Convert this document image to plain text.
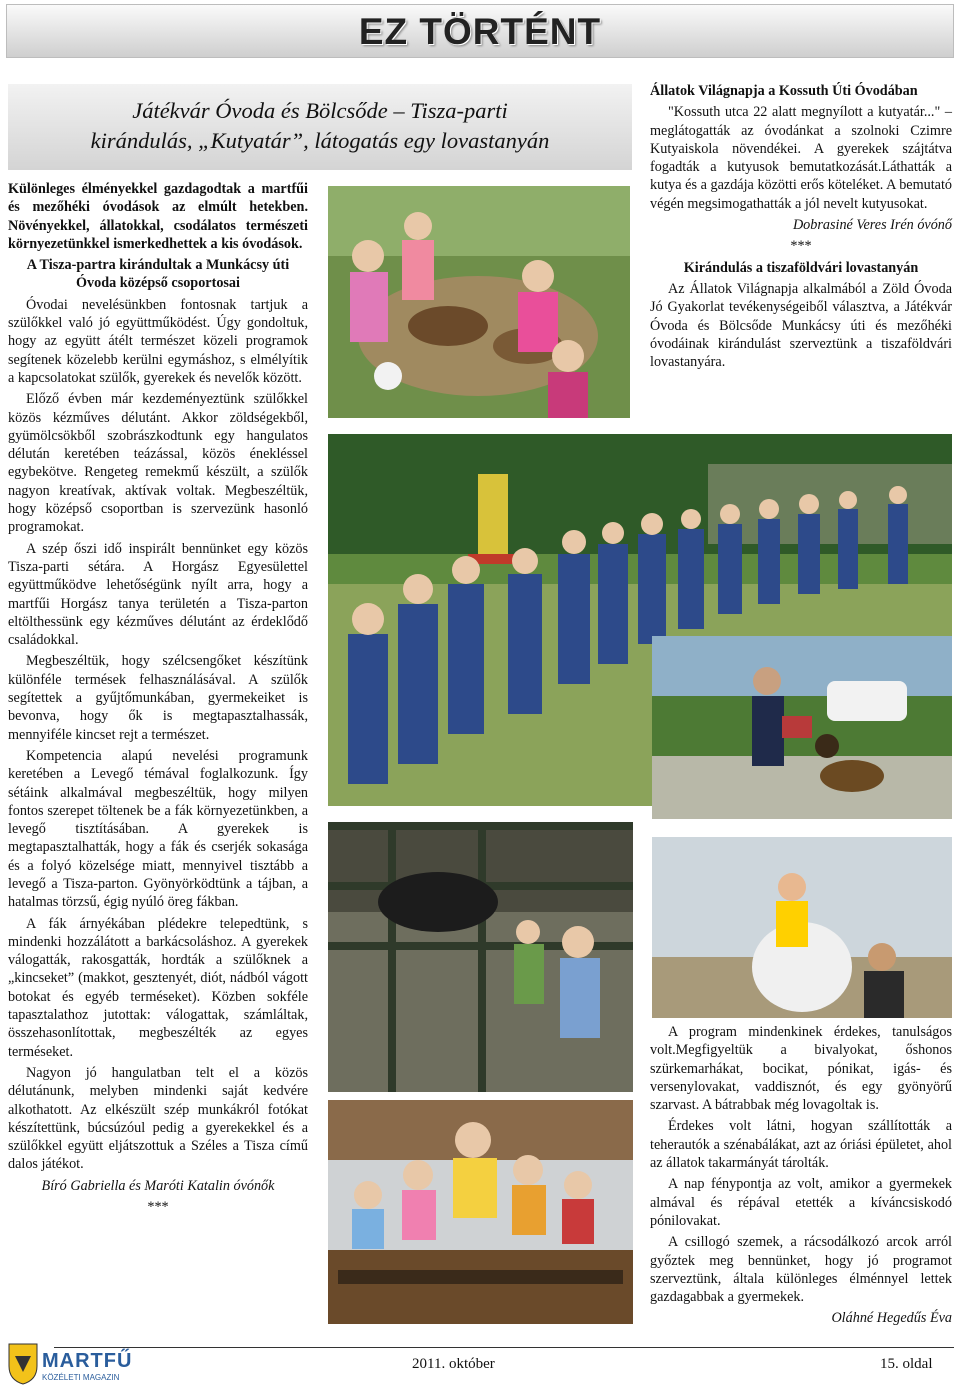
EZ TÖRTÉNT
Játékvár Óvoda és Bölcsőde – Tisza-parti
kirándulás, „Kutyatár”, látogatás egy lovastanyán

Különleges élményekkel gazdagodtak a martfűi és mezőhéki óvodások az elmúlt hetekben. Növényekkel, állatokkal, csodálatos természeti környezetünkkel ismerkedhettek a kis óvodások.

A Tisza-partra kirándultak a Munkácsy úti Óvoda középső csoportosai

Óvodai nevelésünkben fontosnak tartjuk a szülőkkel való jó együttműködést. Úgy gondoltuk, hogy az együtt átélt természet közeli programok segítenek közelebb kerülni egymáshoz, s elmélyítik a kapcsolatokat szülők, gyerekek és nevelők között.

Előző évben már kezdeményeztünk szülőkkel közös kézműves délutánt. Akkor zöldségekből, gyümölcsökből szobrászkodtunk egy hangulatos délután keretében teázással, közös énekléssel egybekötve. Rengeteg remekmű készült, a szülők nagyon kreatívak, aktívak voltak. Megbeszéltük, hogy középső csoportban is szervezünk hasonló programokat.

A szép őszi idő inspirált bennünket egy közös Tisza-parti sétára. A Horgász Egyesülettel együttműködve lehetőségünk nyílt arra, hogy a martfűi Horgász tanya területén a Tisza-parton eltölthessünk egy kézműves délutánt az érdeklődő családokkal.

Megbeszéltük, hogy szélcsengőket készítünk különféle termések felhasználásával. A szülők segítettek a gyűjtőmunkában, gyermekeiket is bevonva, hogy ők is megtapasztalhassák, mennyiféle kincset rejt a természet.

Kompetencia alapú nevelési programunk keretében a Levegő témával foglalkozunk. Így sétáink alkalmával megbeszéltük, hogy milyen fontos szerepet töltenek be a fák környezetünkben, a levegő tisztításában. A gyerekek is megtapasztalhatták, hogy a fák és cserjék sokasága és a folyó közelsége miatt, mennyivel tisztább a levegő a Tisza-parton. Gyönyörködtünk a tájban, a hatalmas törzsű, égig nyúló öreg fákban.

A fák árnyékában plédekre telepedtünk, s mindenki hozzálátott a barkácsoláshoz. A gyerekek válogatták, rakosgatták, hordták a szülőknek a „kincseket” (makkot, gesztenyét, diót, nádból vágott botokat és egyéb terméseket). Közben sokféle tapasztalathoz jutottak: válogattak, számláltak, összehasonlítottak, megbeszélték az egyes terméseket.

Nagyon jó hangulatban telt el a közös délutánunk, melyben mindenki saját kedvére alkothatott. Az elkészült szép munkákról fotókat készítettünk, búcsúzóul pedig a gyerekekkel és a szülőkkel együtt eljátszottuk a Széles a Tisza című dalos játékot.

Bíró Gabriella és Maróti Katalin óvónők

***

Állatok Világnapja a Kossuth Úti Óvodában

"Kossuth utca 22 alatt megnyílott a kutyatár..." – meglátogatták az óvodánkat a szolnoki Czimre Kutyaiskola növendékei. A gyerekek szájtátva fogadták a kutyusok bemutatkozását.Láthatták a kutya és a gazdája közötti erős köteléket. A bemutató végén megsimogathatták a jól nevelt kutyusokat.

Dobrasiné Veres Irén óvónő

***

Kirándulás a tiszaföldvári lovastanyán

Az Állatok Világnapja alkalmából a Zöld Óvoda Jó Gyakorlat tevékenységeiből választva, a Játékvár Óvoda és Bölcsőde Munkácsy úti és mezőhéki óvodáinak kirándulást szerveztünk a tiszaföldvári lovastanyára.

A program mindenkinek érdekes, tanulságos volt.Megfigyeltük a bivalyokat, őshonos szürkemarhákat, bocikat, pónikat, igás- és versenylovakat, vaddisznót, és egy gyönyörű szarvast. A bátrabbak még lovagoltak is.

Érdekes volt látni, hogyan szállították a teherautók a szénabálákat, azt az óriási épületet, ahol az állatok takarmányát tárolták.

A nap fénypontja az volt, amikor a gyermekek almával és répával etették a kíváncsiskodó pónilovakat.

A csillogó szemek, a rácsodálkozó arcok arról győztek meg bennünket, hogy jó programot szerveztünk, általa különleges élménnyel lettek gazdagabbak a gyermekek.

Oláhné Hegedűs Éva

MARTFŰ
KÖZÉLETI MAGAZIN
2011. október	15. oldal
